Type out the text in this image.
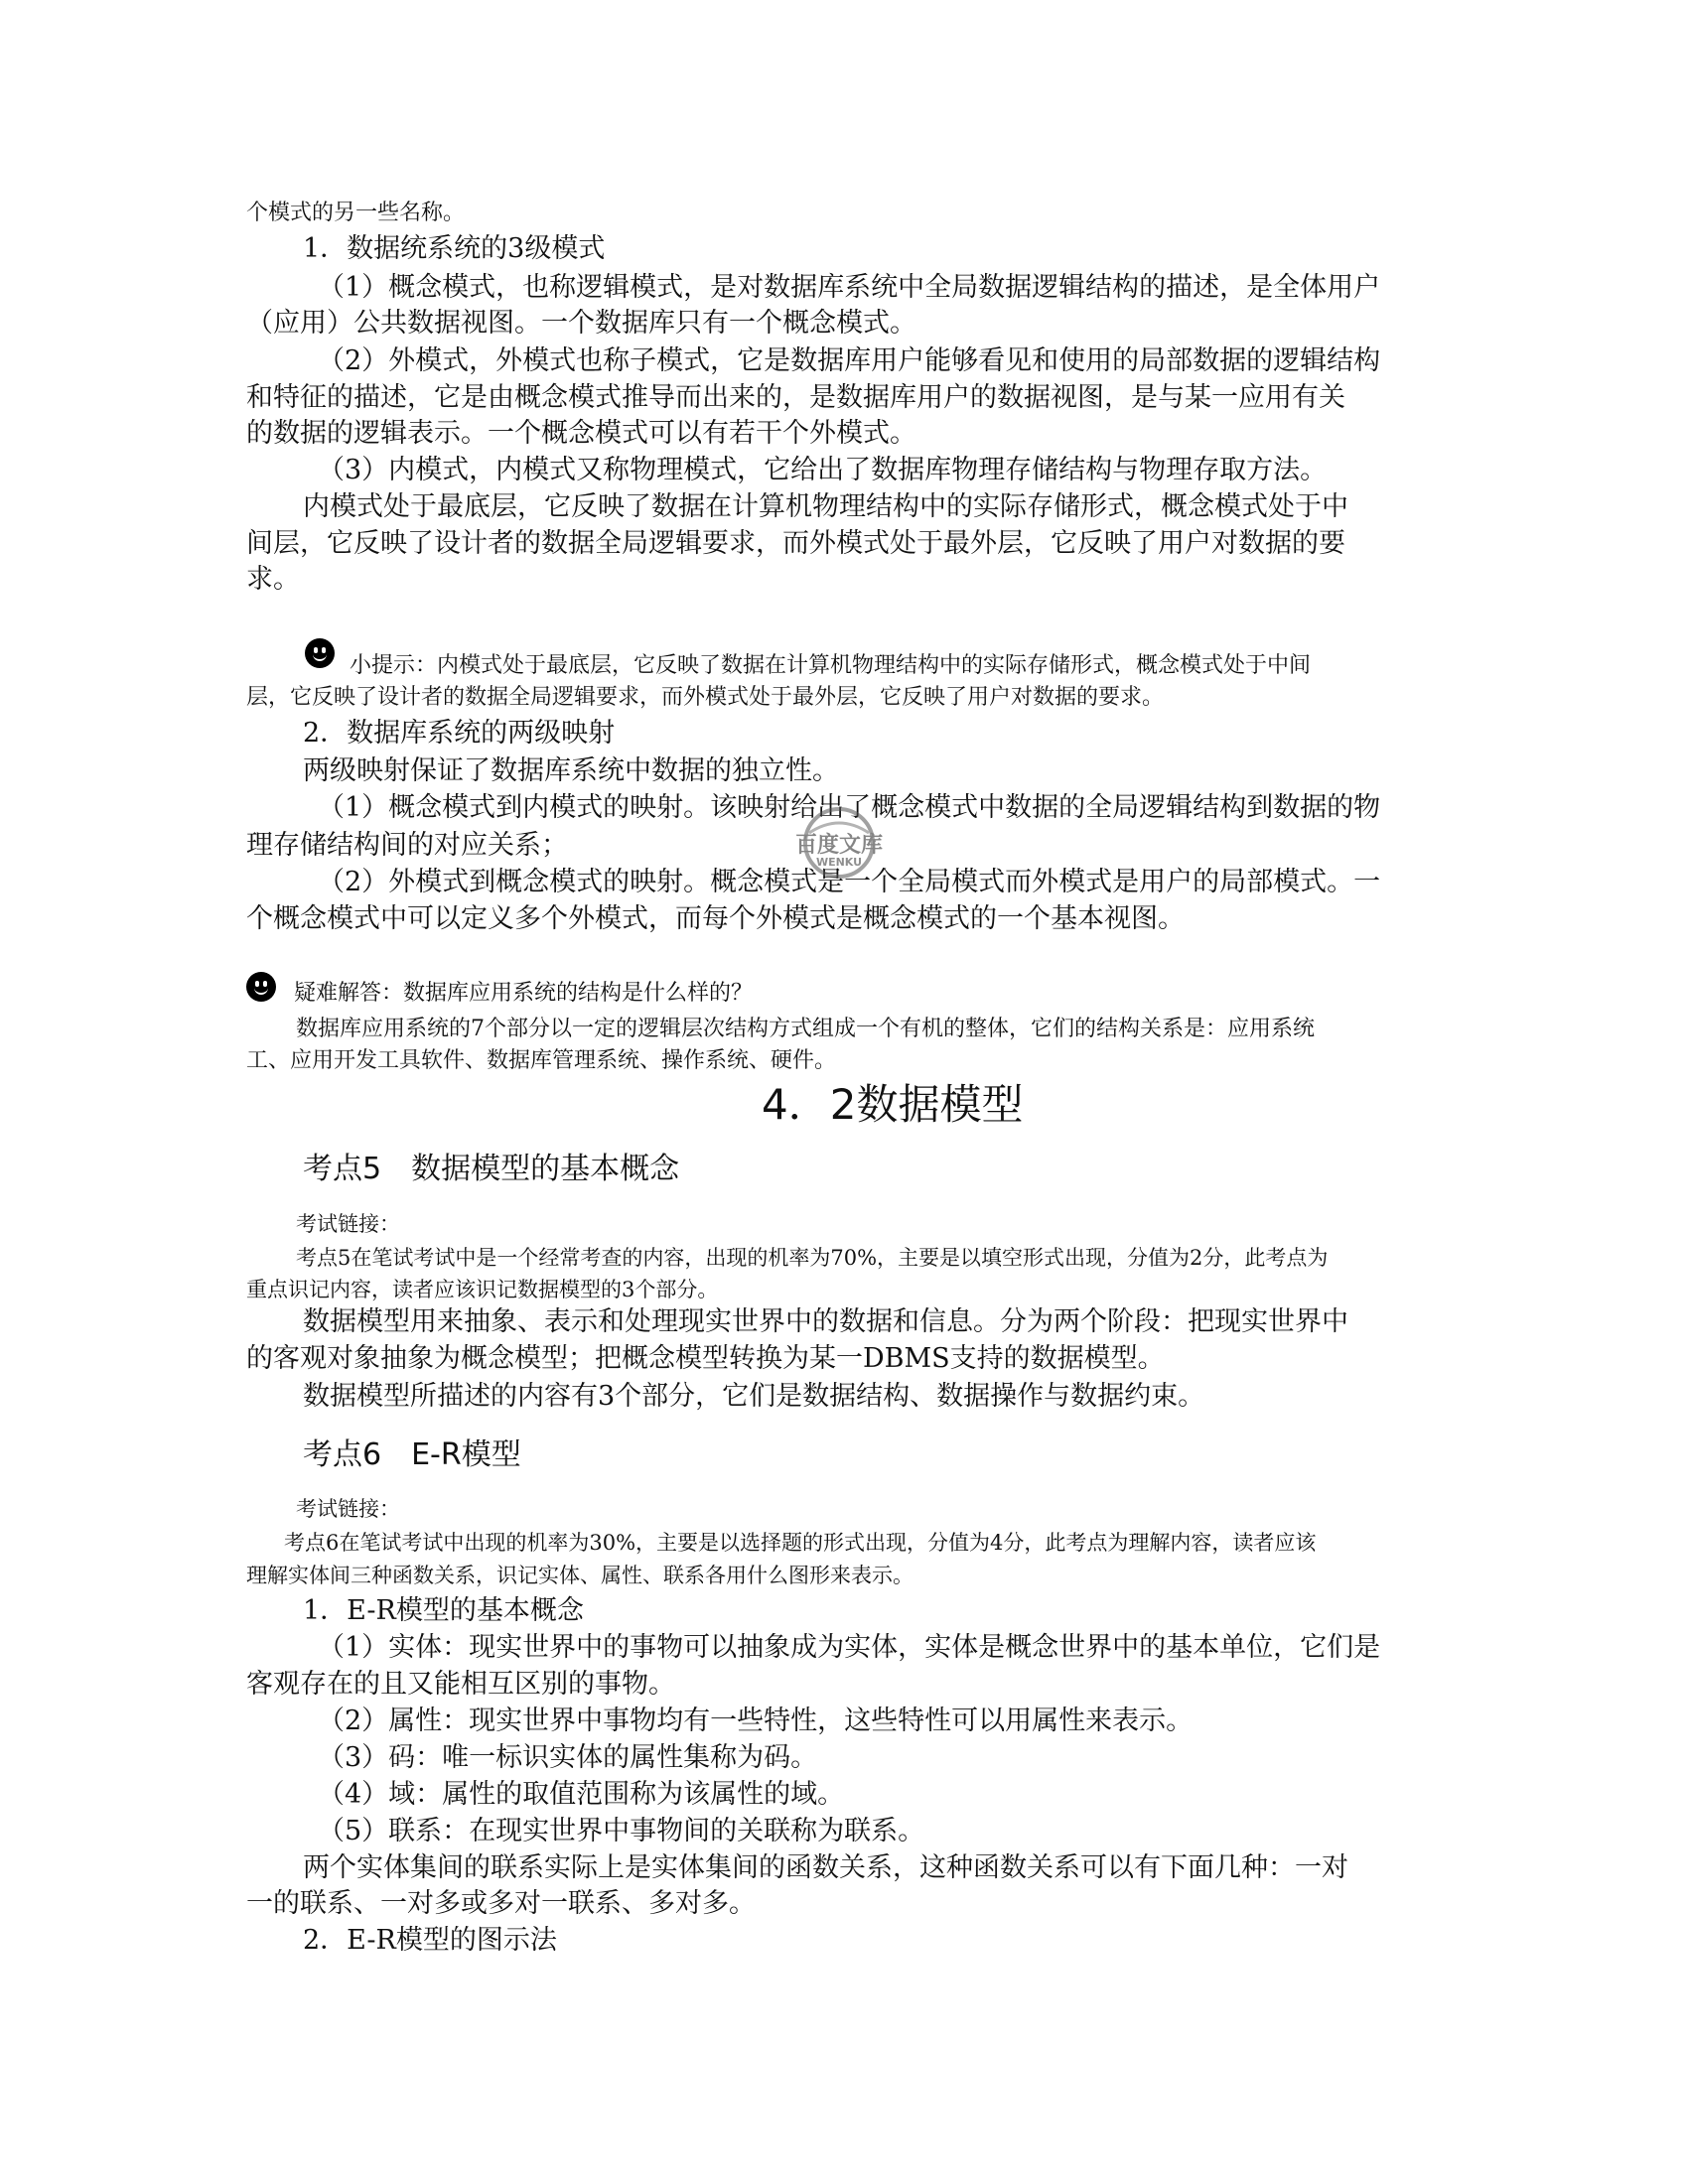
个模式的另一些名称。
1．数据统系统的3级模式
（1）概念模式，也称逻辑模式，是对数据库系统中全局数据逻辑结构的描述，是全体用户
（应用）公共数据视图。一个数据库只有一个概念模式。
（2）外模式，外模式也称子模式，它是数据库用户能够看见和使用的局部数据的逻辑结构
和特征的描述，它是由概念模式推导而出来的，是数据库用户的数据视图，是与某一应用有关
的数据的逻辑表示。一个概念模式可以有若干个外模式。
（3）内模式，内模式又称物理模式，它给出了数据库物理存储结构与物理存取方法。
内模式处于最底层，它反映了数据在计算机物理结构中的实际存储形式，概念模式处于中
间层，它反映了设计者的数据全局逻辑要求，而外模式处于最外层，它反映了用户对数据的要
求。
小提示：内模式处于最底层，它反映了数据在计算机物理结构中的实际存储形式，概念模式处于中间
层，它反映了设计者的数据全局逻辑要求，而外模式处于最外层，它反映了用户对数据的要求。
2．数据库系统的两级映射
两级映射保证了数据库系统中数据的独立性。
（1）概念模式到内模式的映射。该映射给出了概念模式中数据的全局逻辑结构到数据的物
理存储结构间的对应关系；
（2）外模式到概念模式的映射。概念模式是一个全局模式而外模式是用户的局部模式。一
个概念模式中可以定义多个外模式，而每个外模式是概念模式的一个基本视图。
百度文库
WENKU
疑难解答：数据库应用系统的结构是什么样的？
数据库应用系统的7个部分以一定的逻辑层次结构方式组成一个有机的整体，它们的结构关系是：应用系统
工、应用开发工具软件、数据库管理系统、操作系统、硬件。
4．2数据模型
考点5　数据模型的基本概念
考试链接：
考点5在笔试考试中是一个经常考查的内容，出现的机率为70%，主要是以填空形式出现，分值为2分，此考点为
重点识记内容，读者应该识记数据模型的3个部分。
数据模型用来抽象、表示和处理现实世界中的数据和信息。分为两个阶段：把现实世界中
的客观对象抽象为概念模型；把概念模型转换为某一DBMS支持的数据模型。
数据模型所描述的内容有3个部分，它们是数据结构、数据操作与数据约束。
考点6　E-R模型
考试链接：
考点6在笔试考试中出现的机率为30%，主要是以选择题的形式出现，分值为4分，此考点为理解内容，读者应该
理解实体间三种函数关系，识记实体、属性、联系各用什么图形来表示。
1．E-R模型的基本概念
（1）实体：现实世界中的事物可以抽象成为实体，实体是概念世界中的基本单位，它们是
客观存在的且又能相互区别的事物。
（2）属性：现实世界中事物均有一些特性，这些特性可以用属性来表示。
（3）码：唯一标识实体的属性集称为码。
（4）域：属性的取值范围称为该属性的域。
（5）联系：在现实世界中事物间的关联称为联系。
两个实体集间的联系实际上是实体集间的函数关系，这种函数关系可以有下面几种：一对
一的联系、一对多或多对一联系、多对多。
2．E-R模型的图示法
